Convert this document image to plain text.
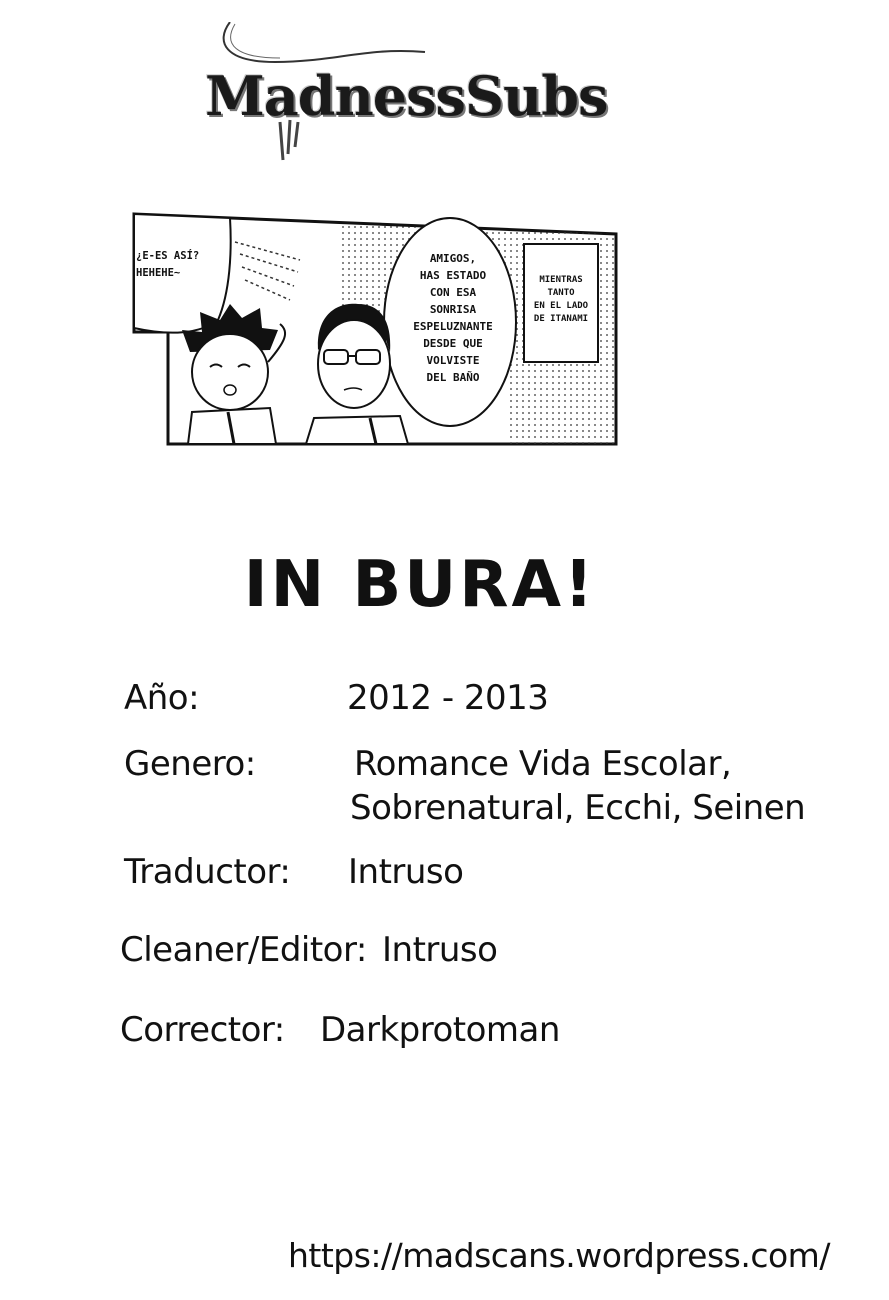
MadnessSubs
¿E-ES ASÍ?
HEHEHE~
AMIGOS,
HAS ESTADO
CON ESA
SONRISA
ESPELUZNANTE
DESDE QUE
VOLVISTE
DEL BAÑO
MIENTRAS
TANTO
EN EL LADO
DE ITANAMI
IN BURA!
Año:	2012 - 2013
Genero:	Romance Vida Escolar,
Sobrenatural, Ecchi, Seinen
Traductor: Intruso
Cleaner/Editor: Intruso
Corrector: Darkprotoman
https://madscans.wordpress.com/
